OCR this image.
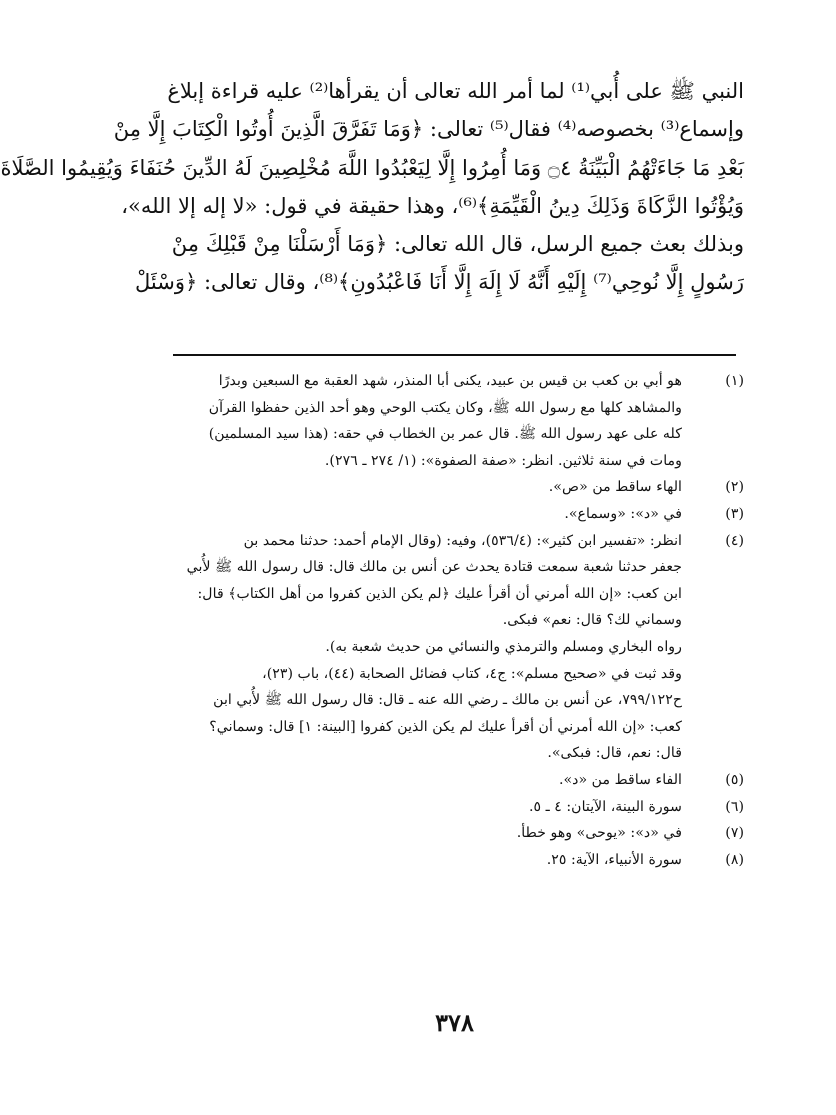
النبي ﷺ على أُبي⁽¹⁾ لما أمر الله تعالى أن يقرأها⁽²⁾ عليه قراءة إبلاغ
وإسماع⁽³⁾ بخصوصه⁽⁴⁾ فقال⁽⁵⁾ تعالى: ﴿وَمَا تَفَرَّقَ الَّذِينَ أُوتُوا الْكِتَابَ إِلَّا مِنْ
بَعْدِ مَا جَاءَتْهُمُ الْبَيِّنَةُ ۝٤ وَمَا أُمِرُوا إِلَّا لِيَعْبُدُوا اللَّهَ مُخْلِصِينَ لَهُ الدِّينَ حُنَفَاءَ وَيُقِيمُوا الصَّلَاةَ
وَيُؤْتُوا الزَّكَاةَ وَذَلِكَ دِينُ الْقَيِّمَةِ﴾⁽⁶⁾، وهذا حقيقة في قول: «لا إله إلا الله»،
وبذلك بعث جميع الرسل، قال الله تعالى: ﴿وَمَا أَرْسَلْنَا مِنْ قَبْلِكَ مِنْ
رَسُولٍ إِلَّا نُوحِي⁽⁷⁾ إِلَيْهِ أَنَّهُ لَا إِلَهَ إِلَّا أَنَا فَاعْبُدُونِ﴾⁽⁸⁾، وقال تعالى: ﴿وَسْئَلْ
(١)
هو أبي بن كعب بن قيس بن عبيد، يكنى أبا المنذر، شهد العقبة مع السبعين وبدرًا
والمشاهد كلها مع رسول الله ﷺ، وكان يكتب الوحي وهو أحد الذين حفظوا القرآن
كله على عهد رسول الله ﷺ. قال عمر بن الخطاب في حقه: (هذا سيد المسلمين)
ومات في سنة ثلاثين. انظر: «صفة الصفوة»: (١/ ٢٧٤ ـ ٢٧٦).
(٢)
الهاء ساقط من «ص».
(٣)
في «د»: «وسماع».
(٤)
انظر: «تفسير ابن كثير»: (٥٣٦/٤)، وفيه: (وقال الإمام أحمد: حدثنا محمد بن
جعفر حدثنا شعبة سمعت قتادة يحدث عن أنس بن مالك قال: قال رسول الله ﷺ لأُبي
ابن كعب: «إن الله أمرني أن أقرأ عليك ﴿لم يكن الذين كفروا من أهل الكتاب﴾ قال:
وسماني لك؟ قال: نعم» فبكى.
رواه البخاري ومسلم والترمذي والنسائي من حديث شعبة به).
وقد ثبت في «صحيح مسلم»: ج٤، كتاب فضائل الصحابة (٤٤)، باب (٢٣)،
ح٧٩٩/١٢٢، عن أنس بن مالك ـ رضي الله عنه ـ قال: قال رسول الله ﷺ لأُبي ابن
كعب: «إن الله أمرني أن أقرأ عليك لم يكن الذين كفروا [البينة: ١] قال: وسماني؟
قال: نعم، قال: فبكى».
(٥)
الفاء ساقط من «د».
(٦)
سورة البينة، الآيتان: ٤ ـ ٥.
(٧)
في «د»: «يوحى» وهو خطأ.
(٨)
سورة الأنبياء، الآية: ٢٥.
٣٧٨
